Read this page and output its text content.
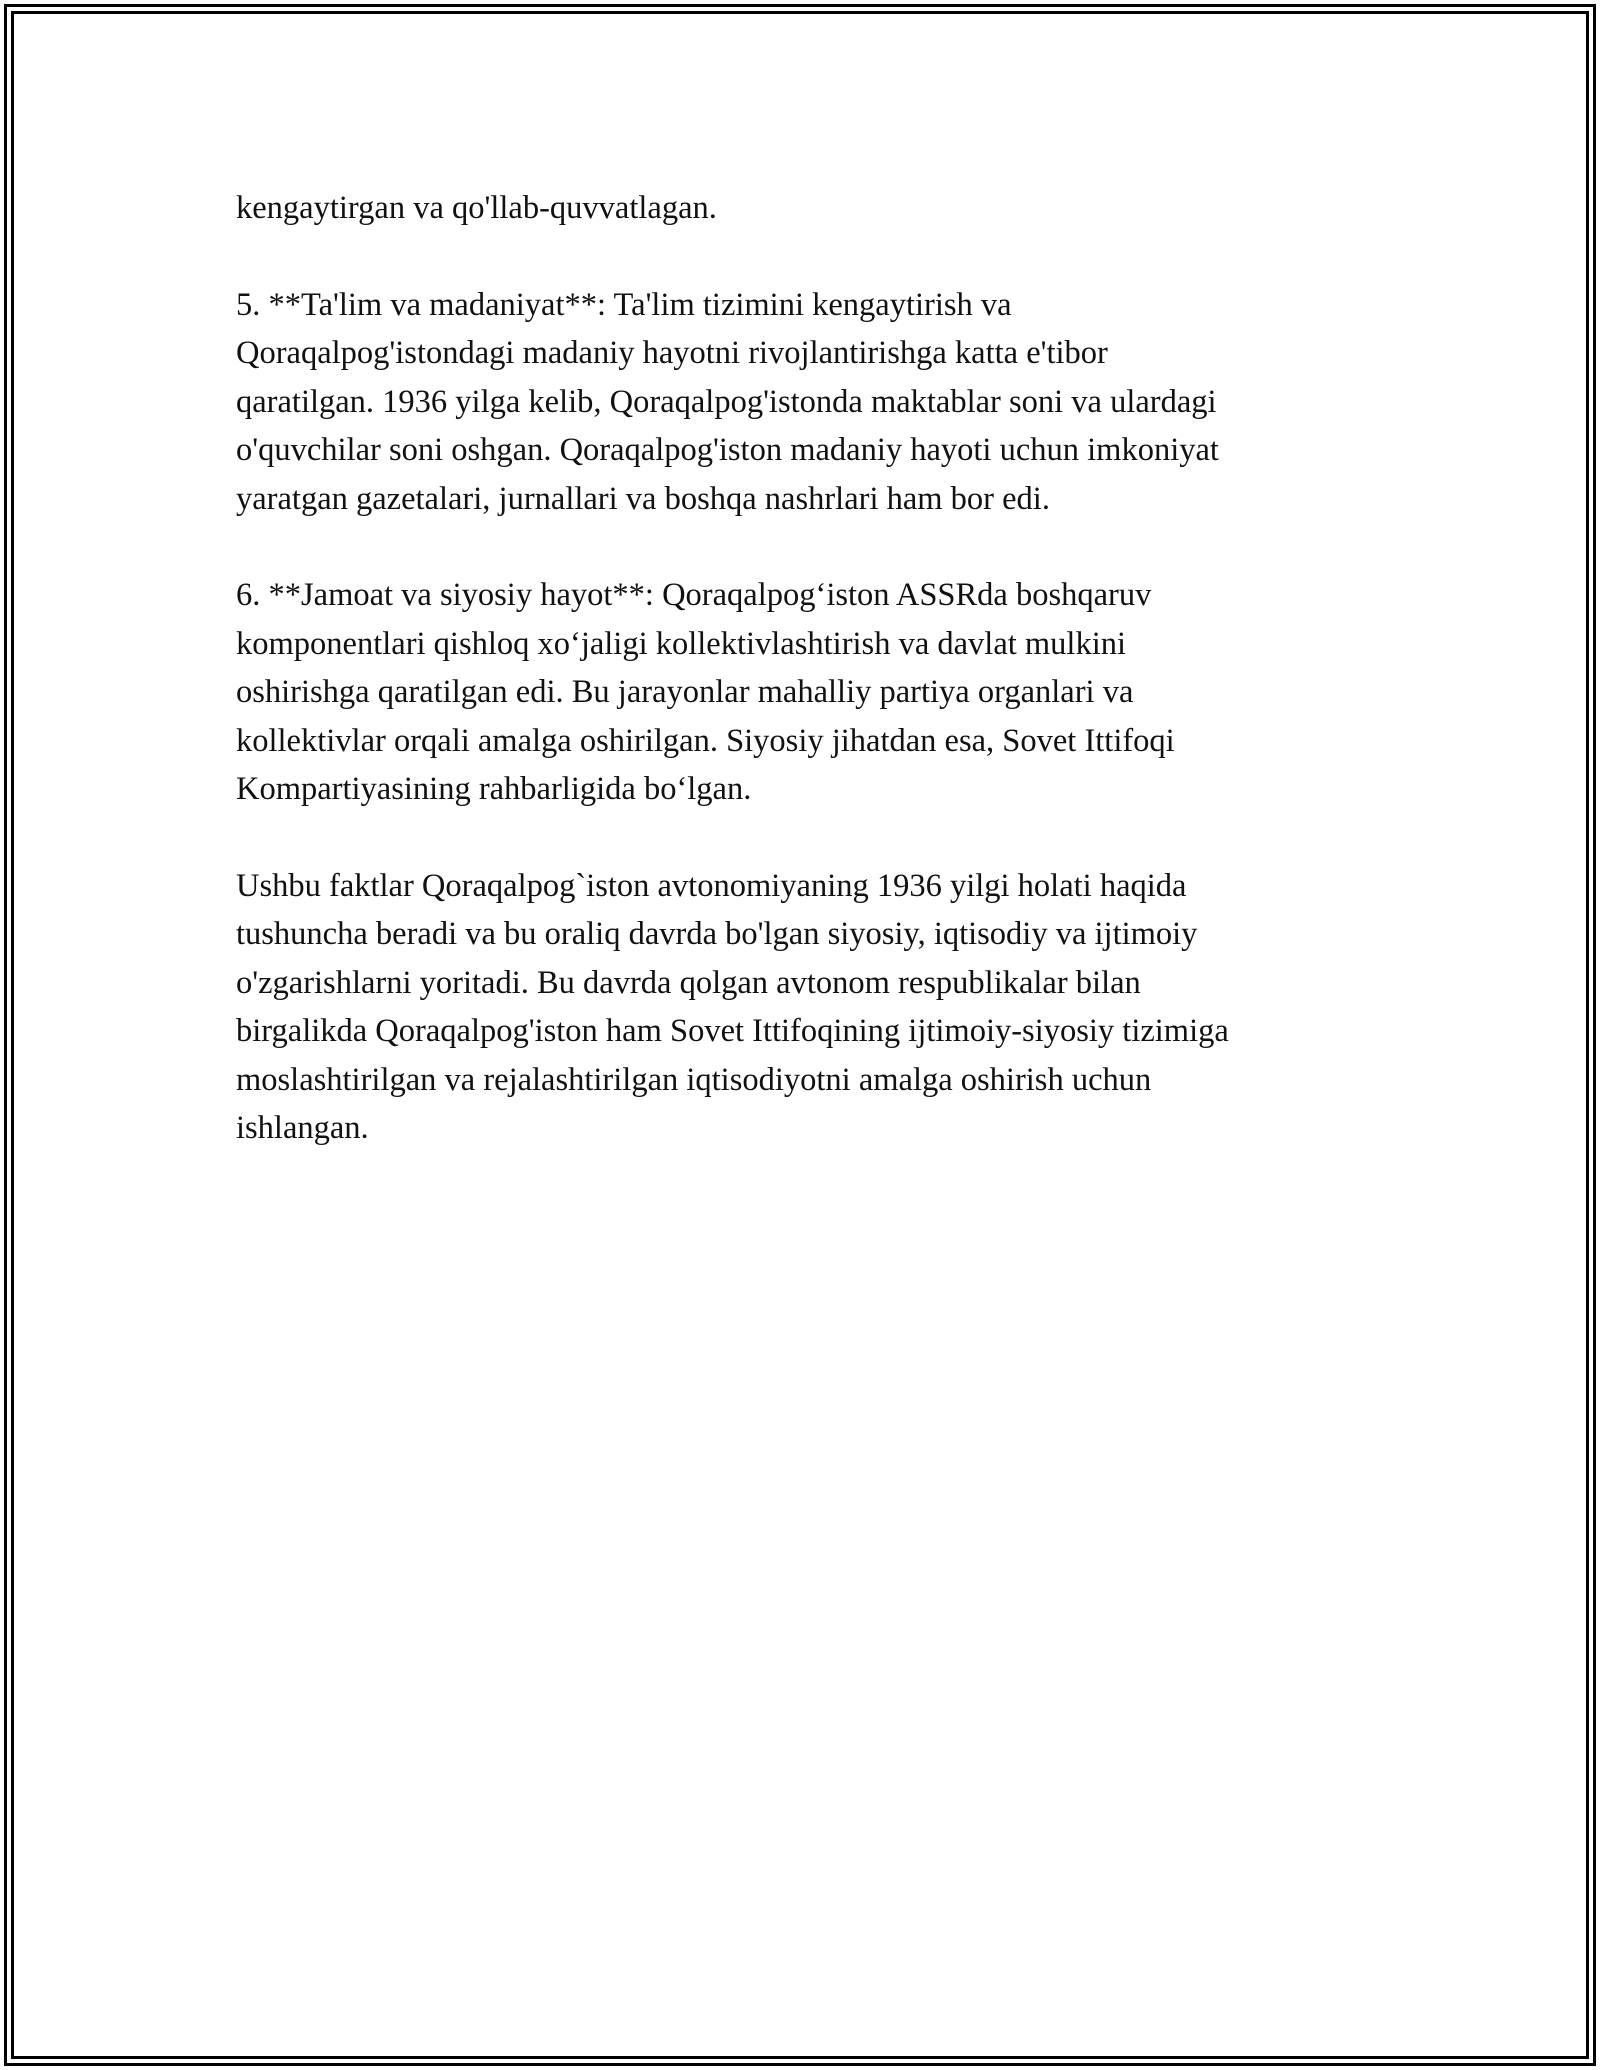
kengaytirgan va qo'llab-quvvatlagan.

5. **Ta'lim va madaniyat**: Ta'lim tizimini kengaytirish va
Qoraqalpog'istondagi madaniy hayotni rivojlantirishga katta e'tibor
qaratilgan. 1936 yilga kelib, Qoraqalpog'istonda maktablar soni va ulardagi
o'quvchilar soni oshgan. Qoraqalpog'iston madaniy hayoti uchun imkoniyat
yaratgan gazetalari, jurnallari va boshqa nashrlari ham bor edi.

6. **Jamoat va siyosiy hayot**: Qoraqalpog‘iston ASSRda boshqaruv
komponentlari qishloq xo‘jaligi kollektivlashtirish va davlat mulkini
oshirishga qaratilgan edi. Bu jarayonlar mahalliy partiya organlari va
kollektivlar orqali amalga oshirilgan. Siyosiy jihatdan esa, Sovet Ittifoqi
Kompartiyasining rahbarligida bo‘lgan.

Ushbu faktlar Qoraqalpog`iston avtonomiyaning 1936 yilgi holati haqida
tushuncha beradi va bu oraliq davrda bo'lgan siyosiy, iqtisodiy va ijtimoiy
o'zgarishlarni yoritadi. Bu davrda qolgan avtonom respublikalar bilan
birgalikda Qoraqalpog'iston ham Sovet Ittifoqining ijtimoiy-siyosiy tizimiga
moslashtirilgan va rejalashtirilgan iqtisodiyotni amalga oshirish uchun
ishlangan.
